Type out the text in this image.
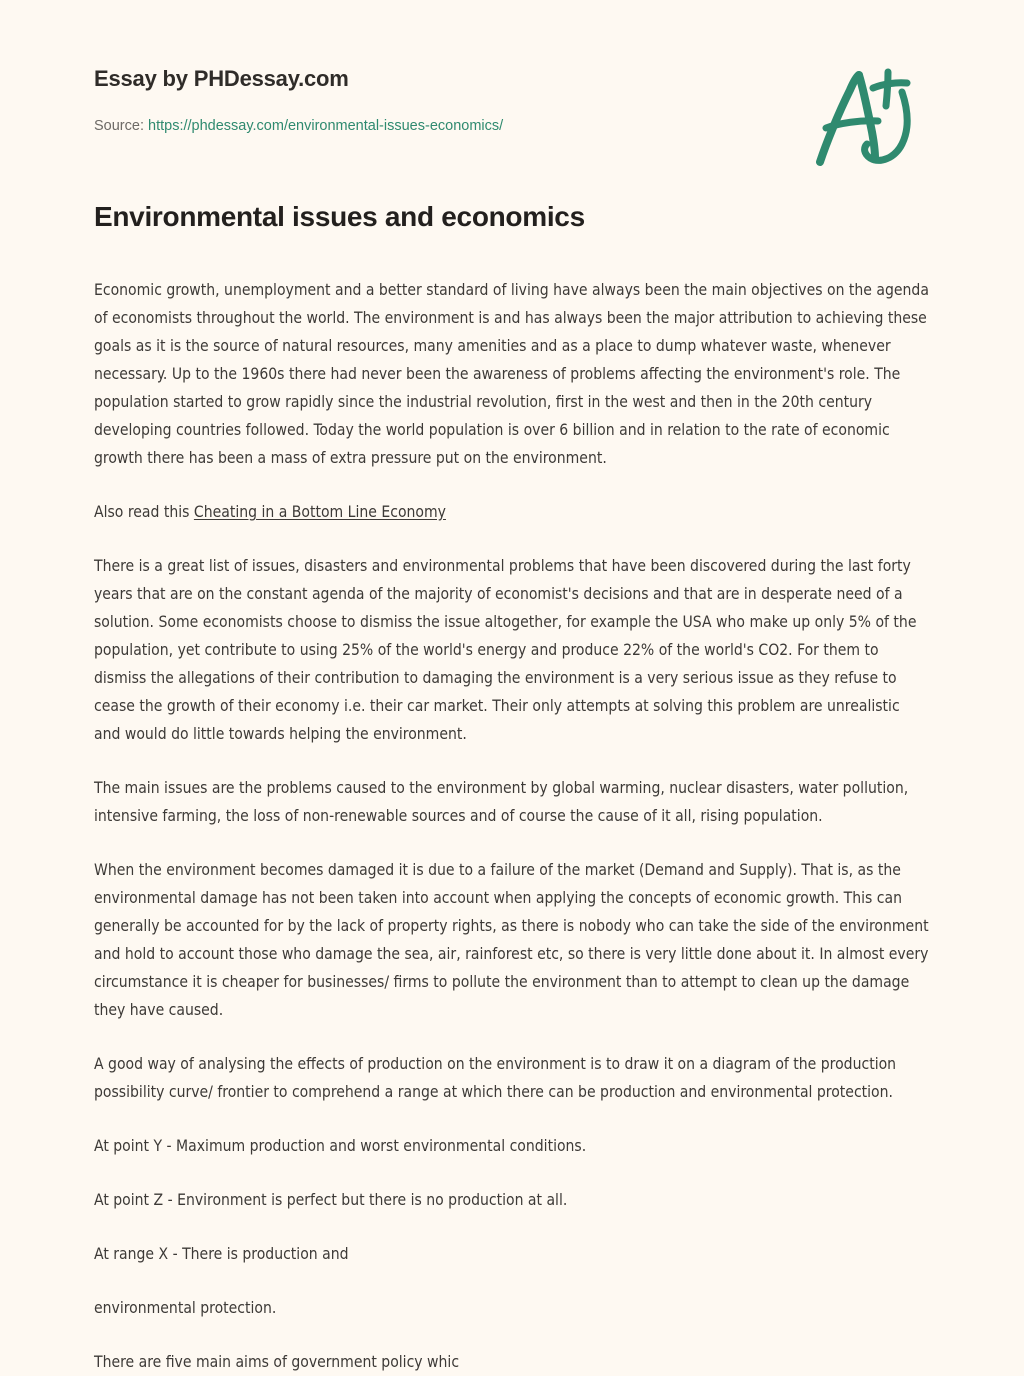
Essay by PHDessay.com
Source: https://phdessay.com/environmental-issues-economics/
Environmental issues and economics

Economic growth, unemployment and a better standard of living have always been the main objectives on the agenda of economists throughout the world. The environment is and has always been the major attribution to achieving these goals as it is the source of natural resources, many amenities and as a place to dump whatever waste, whenever necessary. Up to the 1960s there had never been the awareness of problems affecting the environment's role. The population started to grow rapidly since the industrial revolution, first in the west and then in the 20th century developing countries followed. Today the world population is over 6 billion and in relation to the rate of economic growth there has been a mass of extra pressure put on the environment.

Also read this Cheating in a Bottom Line Economy

There is a great list of issues, disasters and environmental problems that have been discovered during the last forty years that are on the constant agenda of the majority of economist's decisions and that are in desperate need of a solution. Some economists choose to dismiss the issue altogether, for example the USA who make up only 5% of the population, yet contribute to using 25% of the world's energy and produce 22% of the world's CO2. For them to dismiss the allegations of their contribution to damaging the environment is a very serious issue as they refuse to cease the growth of their economy i.e. their car market. Their only attempts at solving this problem are unrealistic and would do little towards helping the environment.

The main issues are the problems caused to the environment by global warming, nuclear disasters, water pollution, intensive farming, the loss of non-renewable sources and of course the cause of it all, rising population.

When the environment becomes damaged it is due to a failure of the market (Demand and Supply). That is, as the environmental damage has not been taken into account when applying the concepts of economic growth. This can generally be accounted for by the lack of property rights, as there is nobody who can take the side of the environment and hold to account those who damage the sea, air, rainforest etc, so there is very little done about it. In almost every circumstance it is cheaper for businesses/ firms to pollute the environment than to attempt to clean up the damage they have caused.

A good way of analysing the effects of production on the environment is to draw it on a diagram of the production possibility curve/ frontier to comprehend a range at which there can be production and environmental protection.

At point Y - Maximum production and worst environmental conditions.

At point Z - Environment is perfect but there is no production at all.

At range X - There is production and

environmental protection.

There are five main aims of government policy whic
